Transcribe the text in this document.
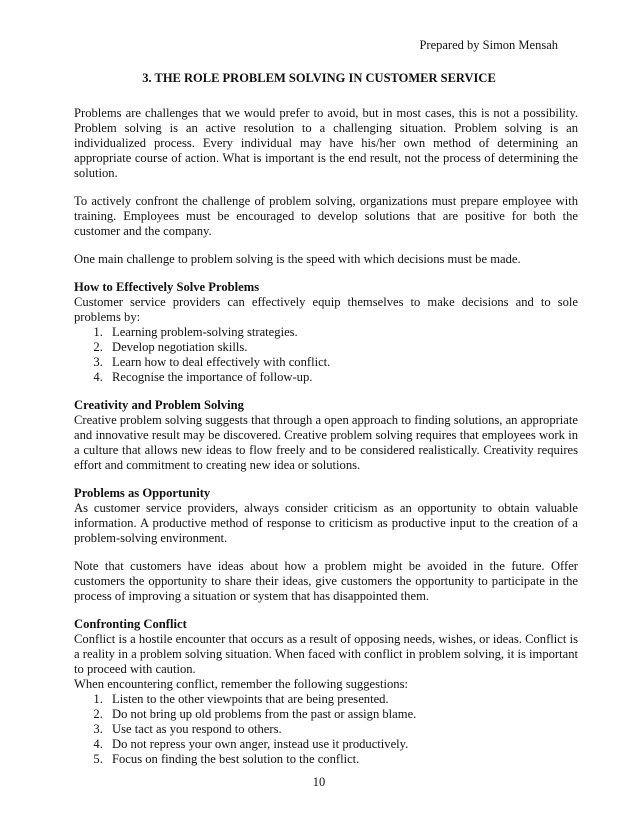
Prepared by Simon Mensah
3. THE ROLE PROBLEM SOLVING IN CUSTOMER SERVICE

Problems are challenges that we would prefer to avoid, but in most cases, this is not a possibility. Problem solving is an active resolution to a challenging situation. Problem solving is an individualized process. Every individual may have his/her own method of determining an appropriate course of action. What is important is the end result, not the process of determining the solution.

To actively confront the challenge of problem solving, organizations must prepare employee with training. Employees must be encouraged to develop solutions that are positive for both the customer and the company.

One main challenge to problem solving is the speed with which decisions must be made.

How to Effectively Solve Problems

Customer service providers can effectively equip themselves to make decisions and to sole problems by:

1. Learning problem-solving strategies.
2. Develop negotiation skills.
3. Learn how to deal effectively with conflict.
4. Recognise the importance of follow-up.
Creativity and Problem Solving

Creative problem solving suggests that through a open approach to finding solutions, an appropriate and innovative result may be discovered. Creative problem solving requires that employees work in a culture that allows new ideas to flow freely and to be considered realistically. Creativity requires effort and commitment to creating new idea or solutions.

Problems as Opportunity

As customer service providers, always consider criticism as an opportunity to obtain valuable information. A productive method of response to criticism as productive input to the creation of a problem-solving environment.

Note that customers have ideas about how a problem might be avoided in the future. Offer customers the opportunity to share their ideas, give customers the opportunity to participate in the process of improving a situation or system that has disappointed them.

Confronting Conflict

Conflict is a hostile encounter that occurs as a result of opposing needs, wishes, or ideas. Conflict is a reality in a problem solving situation. When faced with conflict in problem solving, it is important to proceed with caution.

When encountering conflict, remember the following suggestions:

1. Listen to the other viewpoints that are being presented.
2. Do not bring up old problems from the past or assign blame.
3. Use tact as you respond to others.
4. Do not repress your own anger, instead use it productively.
5. Focus on finding the best solution to the conflict.
10
